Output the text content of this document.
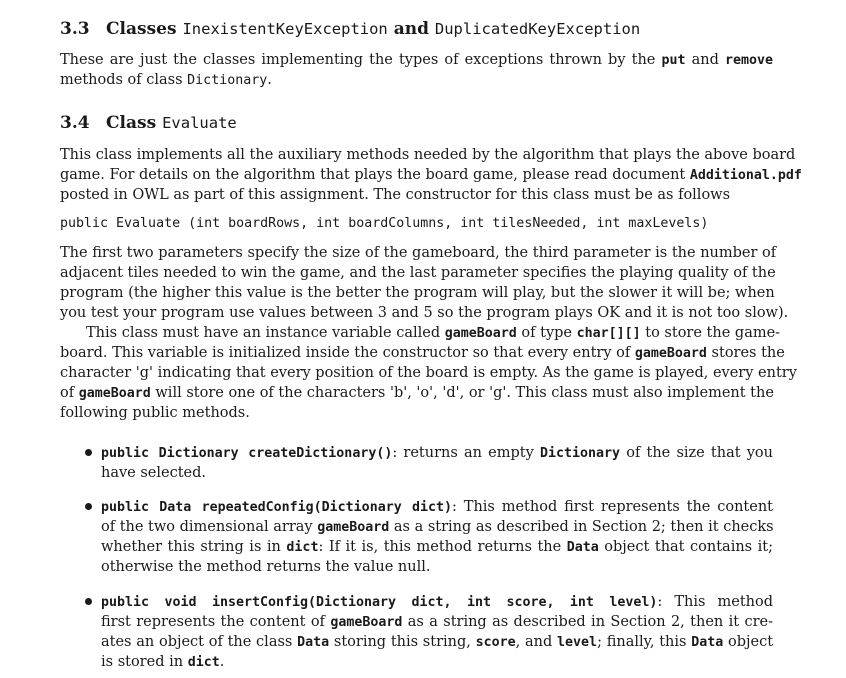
3.3 Classes InexistentKeyException and DuplicatedKeyException
These are just the classes implementing the types of exceptions thrown by the put and remove
methods of class Dictionary.
3.4 Class Evaluate
This class implements all the auxiliary methods needed by the algorithm that plays the above board
game. For details on the algorithm that plays the board game, please read document Additional.pdf
posted in OWL as part of this assignment. The constructor for this class must be as follows
public Evaluate (int boardRows, int boardColumns, int tilesNeeded, int maxLevels)
The first two parameters specify the size of the gameboard, the third parameter is the number of
adjacent tiles needed to win the game, and the last parameter specifies the playing quality of the
program (the higher this value is the better the program will play, but the slower it will be; when
you test your program use values between 3 and 5 so the program plays OK and it is not too slow).
This class must have an instance variable called gameBoard of type char[][] to store the game-
board. This variable is initialized inside the constructor so that every entry of gameBoard stores the
character 'g' indicating that every position of the board is empty. As the game is played, every entry
of gameBoard will store one of the characters 'b', 'o', 'd', or 'g'. This class must also implement the
following public methods.
public Dictionary createDictionary(): returns an empty Dictionary of the size that you
have selected.
public Data repeatedConfig(Dictionary dict): This method first represents the content
of the two dimensional array gameBoard as a string as described in Section 2; then it checks
whether this string is in dict: If it is, this method returns the Data object that contains it;
otherwise the method returns the value null.
public void insertConfig(Dictionary dict, int score, int level): This method
first represents the content of gameBoard as a string as described in Section 2, then it cre-
ates an object of the class Data storing this string, score, and level; finally, this Data object
is stored in dict.
